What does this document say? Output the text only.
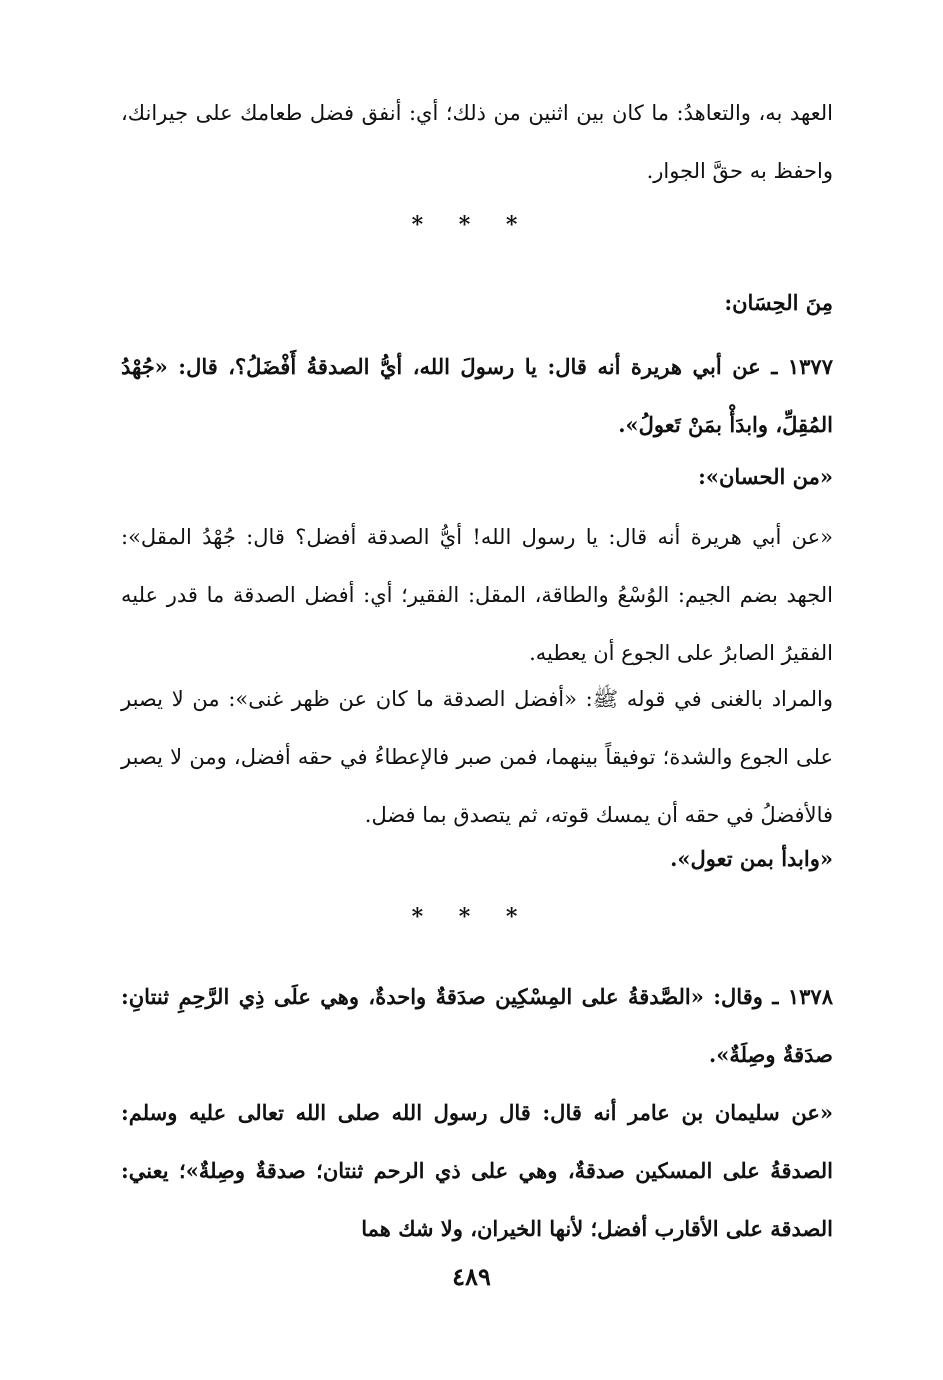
العهد به، والتعاهدُ: ما كان بين اثنين من ذلك؛ أي: أنفق فضل طعامك على جيرانك، واحفظ به حقَّ الجوار.
* * *
مِنَ الحِسَان:
١٣٧٧ ـ عن أبي هريرة أنه قال: يا رسولَ الله، أيُّ الصدقةُ أَفْضَلُ؟، قال: «جُهْدُ المُقِلِّ، وابدَأْ بمَنْ تَعولُ».
«من الحسان»:
«عن أبي هريرة أنه قال: يا رسول الله! أيُّ الصدقة أفضل؟ قال: جُهْدُ المقل»: الجهد بضم الجيم: الوُسْعُ والطاقة، المقل: الفقير؛ أي: أفضل الصدقة ما قدر عليه الفقيرُ الصابرُ على الجوع أن يعطيه.
والمراد بالغنى في قوله ﷺ: «أفضل الصدقة ما كان عن ظهر غنى»: من لا يصبر على الجوع والشدة؛ توفيقاً بينهما، فمن صبر فالإعطاءُ في حقه أفضل، ومن لا يصبر فالأفضلُ في حقه أن يمسك قوته، ثم يتصدق بما فضل.
«وابدأ بمن تعول».
* * *
١٣٧٨ ـ وقال: «الصَّدقةُ على المِسْكِين صدَقةٌ واحدةٌ، وهي علَى ذِي الرَّحِمِ ثنتانِ: صدَقةٌ وصِلَةٌ».
«عن سليمان بن عامر أنه قال: قال رسول الله صلى الله تعالى عليه وسلم: الصدقةُ على المسكين صدقةٌ، وهي على ذي الرحم ثنتان؛ صدقةٌ وصِلةٌ»؛ يعني: الصدقة على الأقارب أفضل؛ لأنها الخيران، ولا شك هما
٤٨٩
